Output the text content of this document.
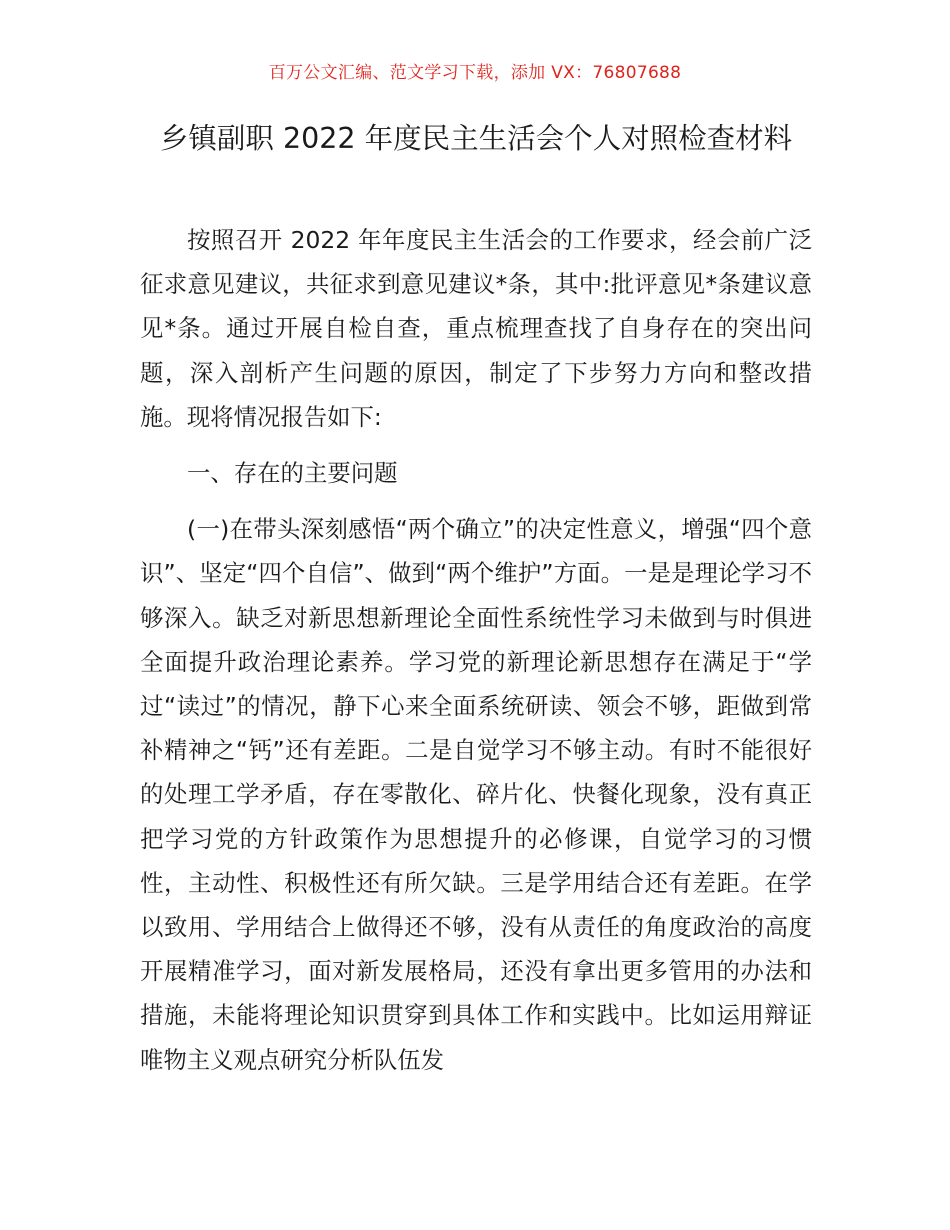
百万公文汇编、范文学习下载，添加 VX：76807688
乡镇副职 2022 年度民主生活会个人对照检查材料

按照召开 2022 年年度民主生活会的工作要求，经会前广泛征求意见建议，共征求到意见建议*条，其中:批评意见*条建议意见*条。通过开展自检自查，重点梳理查找了自身存在的突出问题，深入剖析产生问题的原因，制定了下步努力方向和整改措施。现将情况报告如下:

一、存在的主要问题

(一)在带头深刻感悟“两个确立”的决定性意义，增强“四个意识”、坚定“四个自信”、做到“两个维护”方面。一是是理论学习不够深入。缺乏对新思想新理论全面性系统性学习未做到与时俱进全面提升政治理论素养。学习党的新理论新思想存在满足于“学过“读过”的情况，静下心来全面系统研读、领会不够，距做到常补精神之“钙”还有差距。二是自觉学习不够主动。有时不能很好的处理工学矛盾，存在零散化、碎片化、快餐化现象，没有真正把学习党的方针政策作为思想提升的必修课，自觉学习的习惯性，主动性、积极性还有所欠缺。三是学用结合还有差距。在学以致用、学用结合上做得还不够，没有从责任的角度政治的高度开展精准学习，面对新发展格局，还没有拿出更多管用的办法和措施，未能将理论知识贯穿到具体工作和实践中。比如运用辩证唯物主义观点研究分析队伍发
